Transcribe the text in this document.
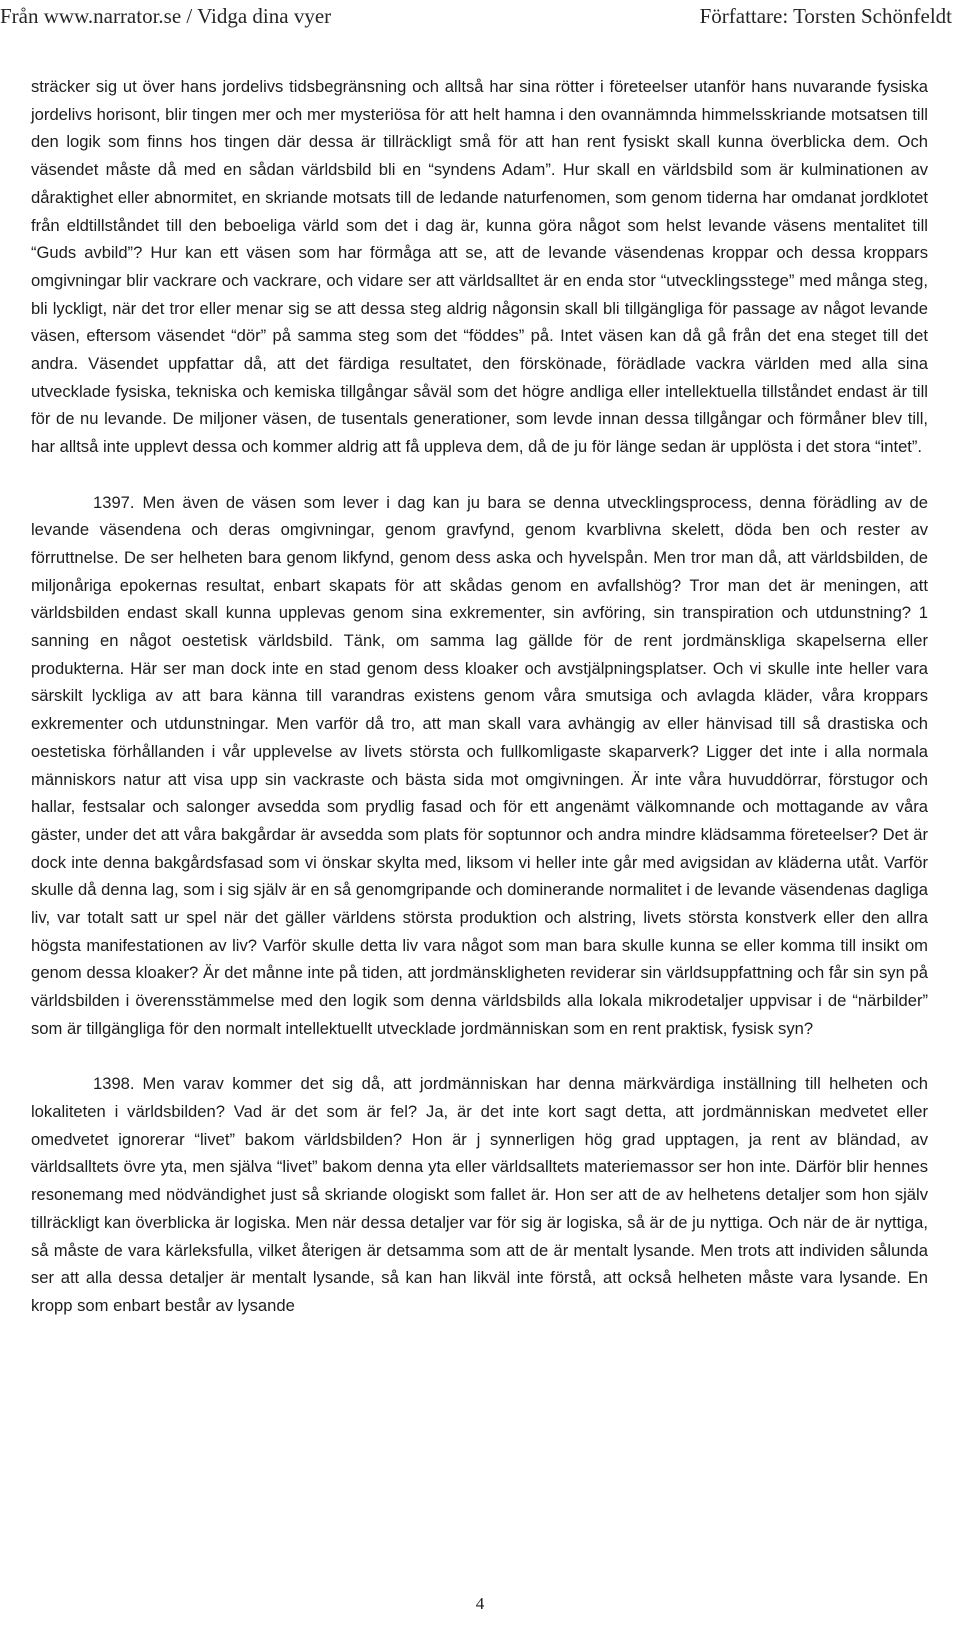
Från www.narrator.se / Vidga dina vyer	Författare: Torsten Schönfeldt

sträcker sig ut över hans jordelivs tidsbegränsning och alltså har sina rötter i företeelser utanför hans nuvarande fysiska jordelivs horisont, blir tingen mer och mer mysteriösa för att helt hamna i den ovannämnda himmelsskriande motsatsen till den logik som finns hos tingen där dessa är tillräckligt små för att han rent fysiskt skall kunna överblicka dem. Och väsendet måste då med en sådan världsbild bli en “syndens Adam”. Hur skall en världsbild som är kulminationen av dåraktighet eller abnormitet, en skriande motsats till de ledande naturfenomen, som genom tiderna har omdanat jordklotet från eldtillståndet till den beboeliga värld som det i dag är, kunna göra något som helst levande väsens mentalitet till “Guds avbild”? Hur kan ett väsen som har förmåga att se, att de levande väsendenas kroppar och dessa kroppars omgivningar blir vackrare och vackrare, och vidare ser att världsalltet är en enda stor “utvecklingsstege” med många steg, bli lyckligt, när det tror eller menar sig se att dessa steg aldrig någonsin skall bli tillgängliga för passage av något levande väsen, eftersom väsendet “dör” på samma steg som det “föddes” på. Intet väsen kan då gå från det ena steget till det andra. Väsendet uppfattar då, att det färdiga resultatet, den förskönade, förädlade vackra världen med alla sina utvecklade fysiska, tekniska och kemiska tillgångar såväl som det högre andliga eller intellektuella tillståndet endast är till för de nu levande. De miljoner väsen, de tusentals generationer, som levde innan dessa tillgångar och förmåner blev till, har alltså inte upplevt dessa och kommer aldrig att få uppleva dem, då de ju för länge sedan är upplösta i det stora “intet”.

1397. Men även de väsen som lever i dag kan ju bara se denna utvecklingsprocess, denna förädling av de levande väsendena och deras omgivningar, genom gravfynd, genom kvarblivna skelett, döda ben och rester av förruttnelse. De ser helheten bara genom likfynd, genom dess aska och hyvelspån. Men tror man då, att världsbilden, de miljonåriga epokernas resultat, enbart skapats för att skådas genom en avfallshög? Tror man det är meningen, att världsbilden endast skall kunna upplevas genom sina exkrementer, sin avföring, sin transpiration och utdunstning? 1 sanning en något oestetisk världsbild. Tänk, om samma lag gällde för de rent jordmänskliga skapelserna eller produkterna. Här ser man dock inte en stad genom dess kloaker och avstjälpningsplatser. Och vi skulle inte heller vara särskilt lyckliga av att bara känna till varandras existens genom våra smutsiga och avlagda kläder, våra kroppars exkrementer och utdunstningar. Men varför då tro, att man skall vara avhängig av eller hänvisad till så drastiska och oestetiska förhållanden i vår upplevelse av livets största och fullkomligaste skaparverk? Ligger det inte i alla normala människors natur att visa upp sin vackraste och bästa sida mot omgivningen. Är inte våra huvuddörrar, förstugor och hallar, festsalar och salonger avsedda som prydlig fasad och för ett angenämt välkomnande och mottagande av våra gäster, under det att våra bakgårdar är avsedda som plats för soptunnor och andra mindre klädsamma företeelser? Det är dock inte denna bakgårdsfasad som vi önskar skylta med, liksom vi heller inte går med avigsidan av kläderna utåt. Varför skulle då denna lag, som i sig själv är en så genomgripande och dominerande normalitet i de levande väsendenas dagliga liv, var totalt satt ur spel när det gäller världens största produktion och alstring, livets största konstverk eller den allra högsta manifestationen av liv? Varför skulle detta liv vara något som man bara skulle kunna se eller komma till insikt om genom dessa kloaker? Är det månne inte på tiden, att jordmänskligheten reviderar sin världsuppfattning och får sin syn på världsbilden i överensstämmelse med den logik som denna världsbilds alla lokala mikrodetaljer uppvisar i de “närbilder” som är tillgängliga för den normalt intellektuellt utvecklade jordmänniskan som en rent praktisk, fysisk syn?

1398. Men varav kommer det sig då, att jordmänniskan har denna märkvärdiga inställning till helheten och lokaliteten i världsbilden? Vad är det som är fel? Ja, är det inte kort sagt detta, att jordmänniskan medvetet eller omedvetet ignorerar “livet” bakom världsbilden? Hon är j synnerligen hög grad upptagen, ja rent av bländad, av världsalltets övre yta, men själva “livet” bakom denna yta eller världsalltets materiemassor ser hon inte. Därför blir hennes resonemang med nödvändighet just så skriande ologiskt som fallet är. Hon ser att de av helhetens detaljer som hon själv tillräckligt kan överblicka är logiska. Men när dessa detaljer var för sig är logiska, så är de ju nyttiga. Och när de är nyttiga, så måste de vara kärleksfulla, vilket återigen är detsamma som att de är mentalt lysande. Men trots att individen sålunda ser att alla dessa detaljer är mentalt lysande, så kan han likväl inte förstå, att också helheten måste vara lysande. En kropp som enbart består av lysande

4
